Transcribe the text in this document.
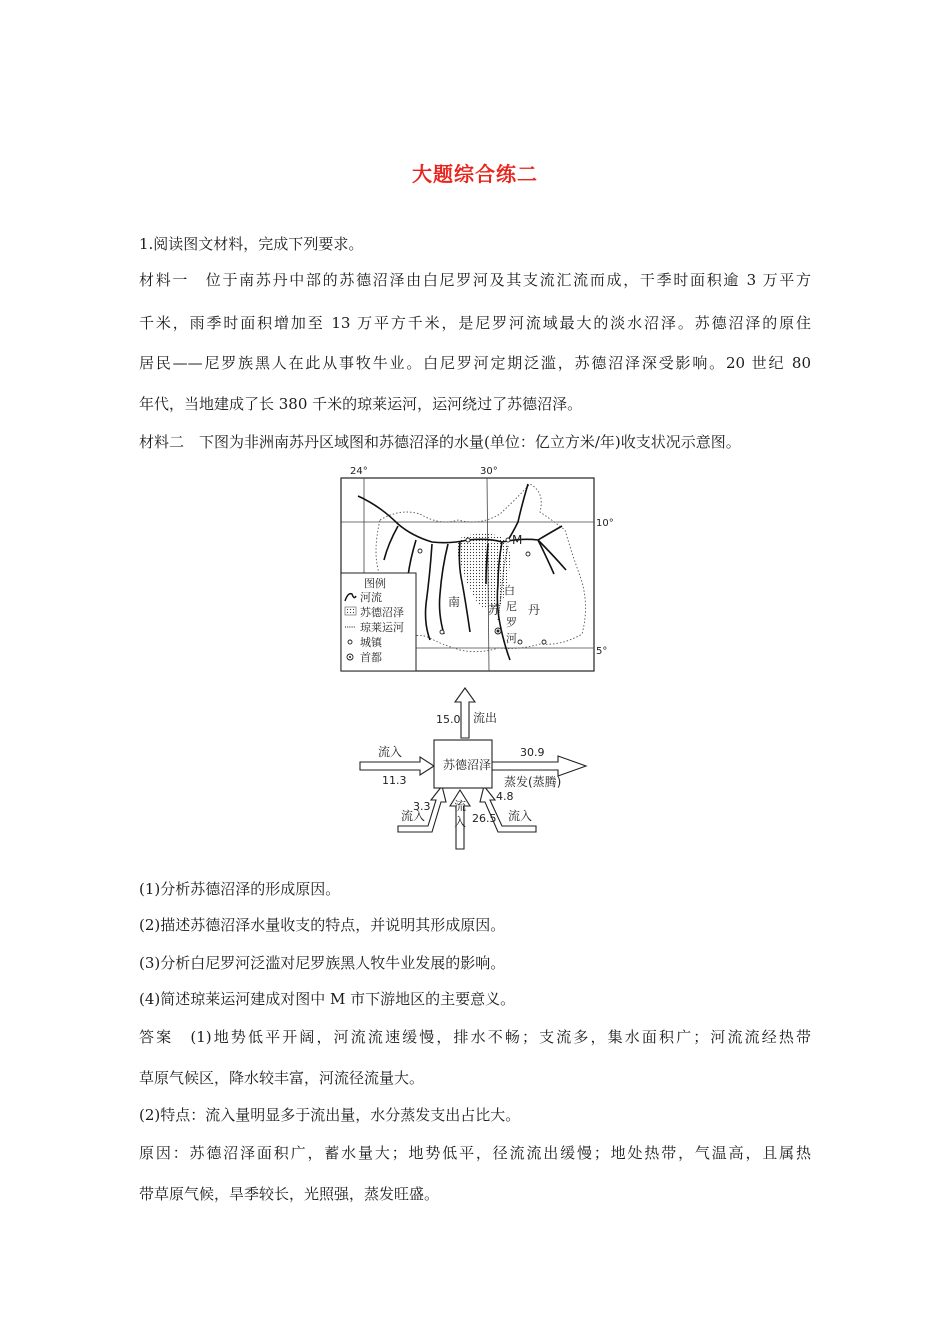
大题综合练二
1.阅读图文材料，完成下列要求。
材料一　位于南苏丹中部的苏德沼泽由白尼罗河及其支流汇流而成，干季时面积逾 3 万平方
千米，雨季时面积增加至 13 万平方千米，是尼罗河流域最大的淡水沼泽。苏德沼泽的原住
居民——尼罗族黑人在此从事牧牛业。白尼罗河定期泛滥，苏德沼泽深受影响。20 世纪 80
年代，当地建成了长 380 千米的琼莱运河，运河绕过了苏德沼泽。
材料二　下图为非洲南苏丹区域图和苏德沼泽的水量(单位：亿立方米/年)收支状况示意图。
24°	30°
10°
5°
M
南
苏 丹
白
尼
罗
河
图例
河流
苏德沼泽
琼莱运河
城镇
首都
苏德沼泽
15.0 流出
流入
11.3
30.9
蒸发(蒸腾)
3.3
流入
流
入 26.5
4.8
流入
(1)分析苏德沼泽的形成原因。
(2)描述苏德沼泽水量收支的特点，并说明其形成原因。
(3)分析白尼罗河泛滥对尼罗族黑人牧牛业发展的影响。
(4)简述琼莱运河建成对图中 M 市下游地区的主要意义。
答案　(1)地势低平开阔，河流流速缓慢，排水不畅；支流多，集水面积广；河流流经热带
草原气候区，降水较丰富，河流径流量大。
(2)特点：流入量明显多于流出量，水分蒸发支出占比大。
原因：苏德沼泽面积广，蓄水量大；地势低平，径流流出缓慢；地处热带，气温高，且属热
带草原气候，旱季较长，光照强，蒸发旺盛。
